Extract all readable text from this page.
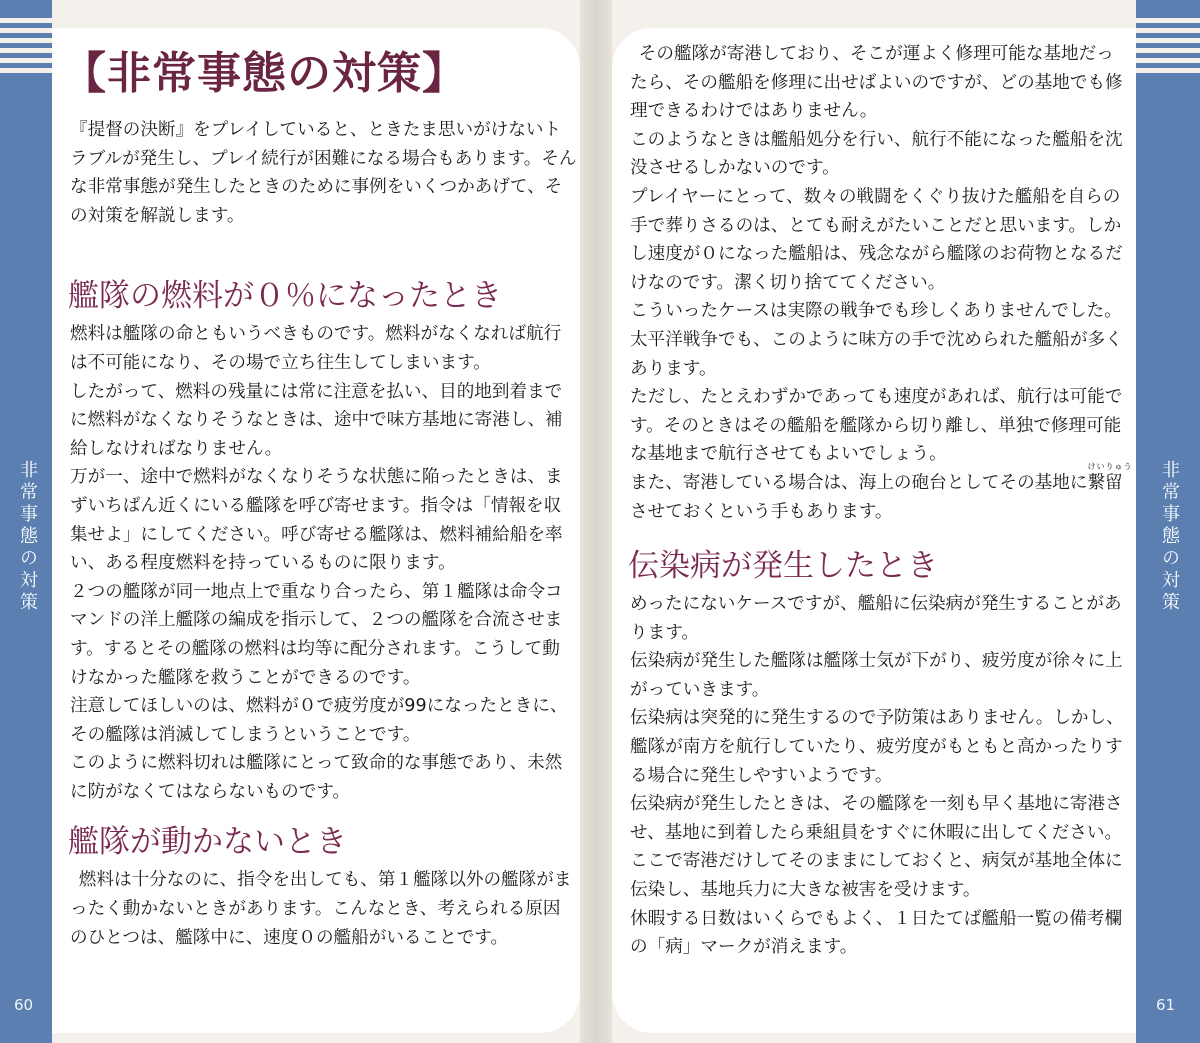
非常事態の対策
60
非常事態の対策
61
【非常事態の対策】

『提督の決断』をプレイしていると、ときたま思いがけないトラブルが発生し、プレイ続行が困難になる場合もあります。そんな非常事態が発生したときのために事例をいくつかあげて、その対策を解説します。

艦隊の燃料が０％になったとき

燃料は艦隊の命ともいうべきものです。燃料がなくなれば航行は不可能になり、その場で立ち往生してしまいます。

したがって、燃料の残量には常に注意を払い、目的地到着までに燃料がなくなりそうなときは、途中で味方基地に寄港し、補給しなければなりません。

万が一、途中で燃料がなくなりそうな状態に陥ったときは、まずいちばん近くにいる艦隊を呼び寄せます。指令は「情報を収集せよ」にしてください。呼び寄せる艦隊は、燃料補給船を率い、ある程度燃料を持っているものに限ります。

２つの艦隊が同一地点上で重なり合ったら、第１艦隊は命令コマンドの洋上艦隊の編成を指示して、２つの艦隊を合流させます。するとその艦隊の燃料は均等に配分されます。こうして動けなかった艦隊を救うことができるのです。

注意してほしいのは、燃料が０で疲労度が99になったときに、その艦隊は消滅してしまうということです。

このように燃料切れは艦隊にとって致命的な事態であり、未然に防がなくてはならないものです。

艦隊が動かないとき

燃料は十分なのに、指令を出しても、第１艦隊以外の艦隊がまったく動かないときがあります。こんなとき、考えられる原因のひとつは、艦隊中に、速度０の艦船がいることです。

その艦隊が寄港しており、そこが運よく修理可能な基地だったら、その艦船を修理に出せばよいのですが、どの基地でも修理できるわけではありません。

このようなときは艦船処分を行い、航行不能になった艦船を沈没させるしかないのです。

プレイヤーにとって、数々の戦闘をくぐり抜けた艦船を自らの手で葬りさるのは、とても耐えがたいことだと思います。しかし速度が０になった艦船は、残念ながら艦隊のお荷物となるだけなのです。潔く切り捨ててください。

こういったケースは実際の戦争でも珍しくありませんでした。太平洋戦争でも、このように味方の手で沈められた艦船が多くあります。

ただし、たとえわずかであっても速度があれば、航行は可能です。そのときはその艦船を艦隊から切り離し、単独で修理可能な基地まで航行させてもよいでしょう。

また、寄港している場合は、海上の砲台としてその基地に
けいりゅう
繋留させておくという手もあります。

伝染病が発生したとき

めったにないケースですが、艦船に伝染病が発生することがあります。

伝染病が発生した艦隊は艦隊士気が下がり、疲労度が徐々に上がっていきます。

伝染病は突発的に発生するので予防策はありません。しかし、艦隊が南方を航行していたり、疲労度がもともと高かったりする場合に発生しやすいようです。

伝染病が発生したときは、その艦隊を一刻も早く基地に寄港させ、基地に到着したら乗組員をすぐに休暇に出してください。ここで寄港だけしてそのままにしておくと、病気が基地全体に伝染し、基地兵力に大きな被害を受けます。

休暇する日数はいくらでもよく、１日たてば艦船一覧の備考欄の「病」マークが消えます。
